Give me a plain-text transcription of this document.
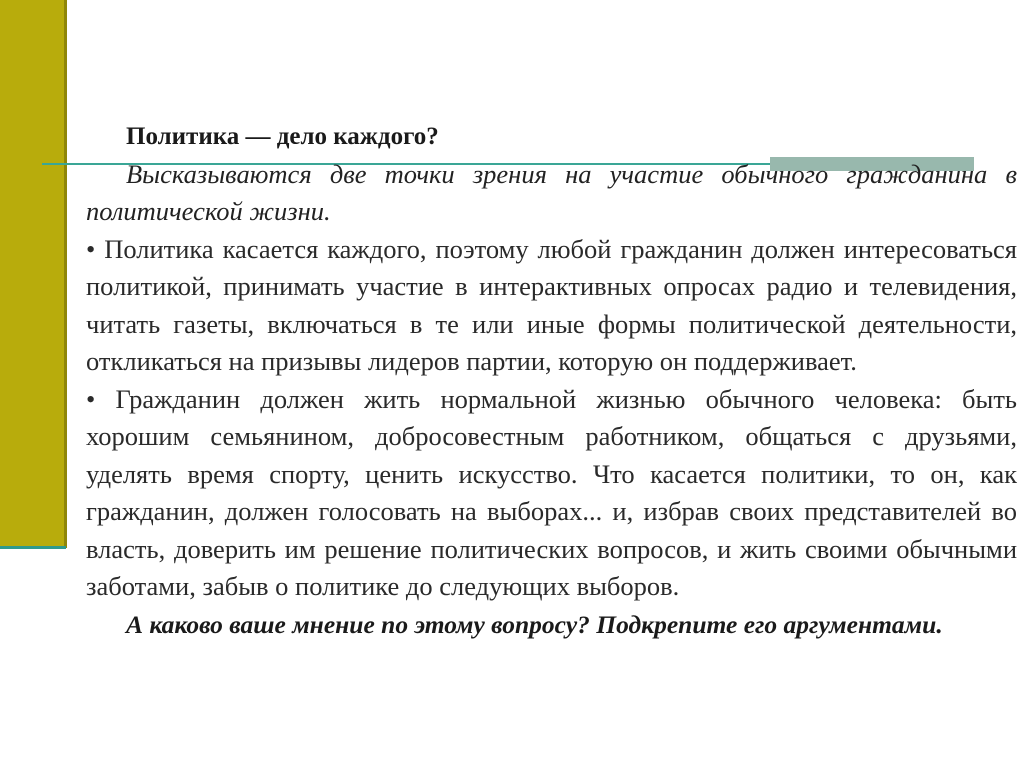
Политика — дело каждого?

Высказываются две точки зрения на участие обычного гражданина в политической жизни.

• Политика касается каждого, поэтому любой гражданин должен интересоваться политикой, принимать участие в интерактивных опросах радио и телевидения, читать газеты, включаться в те или иные формы политической деятельности, откликаться на призывы лидеров партии, которую он поддерживает.

• Гражданин должен жить нормальной жизнью обычного человека: быть хорошим семьянином, добросовестным работником, общаться с друзьями, уделять время спорту, ценить искусство. Что касается политики, то он, как гражданин, должен голосовать на выборах... и, избрав своих представителей во власть, доверить им решение политических вопросов, и жить своими обычными заботами, забыв о политике до следующих выборов.

А каково ваше мнение по этому вопросу? Подкрепите его аргументами.
